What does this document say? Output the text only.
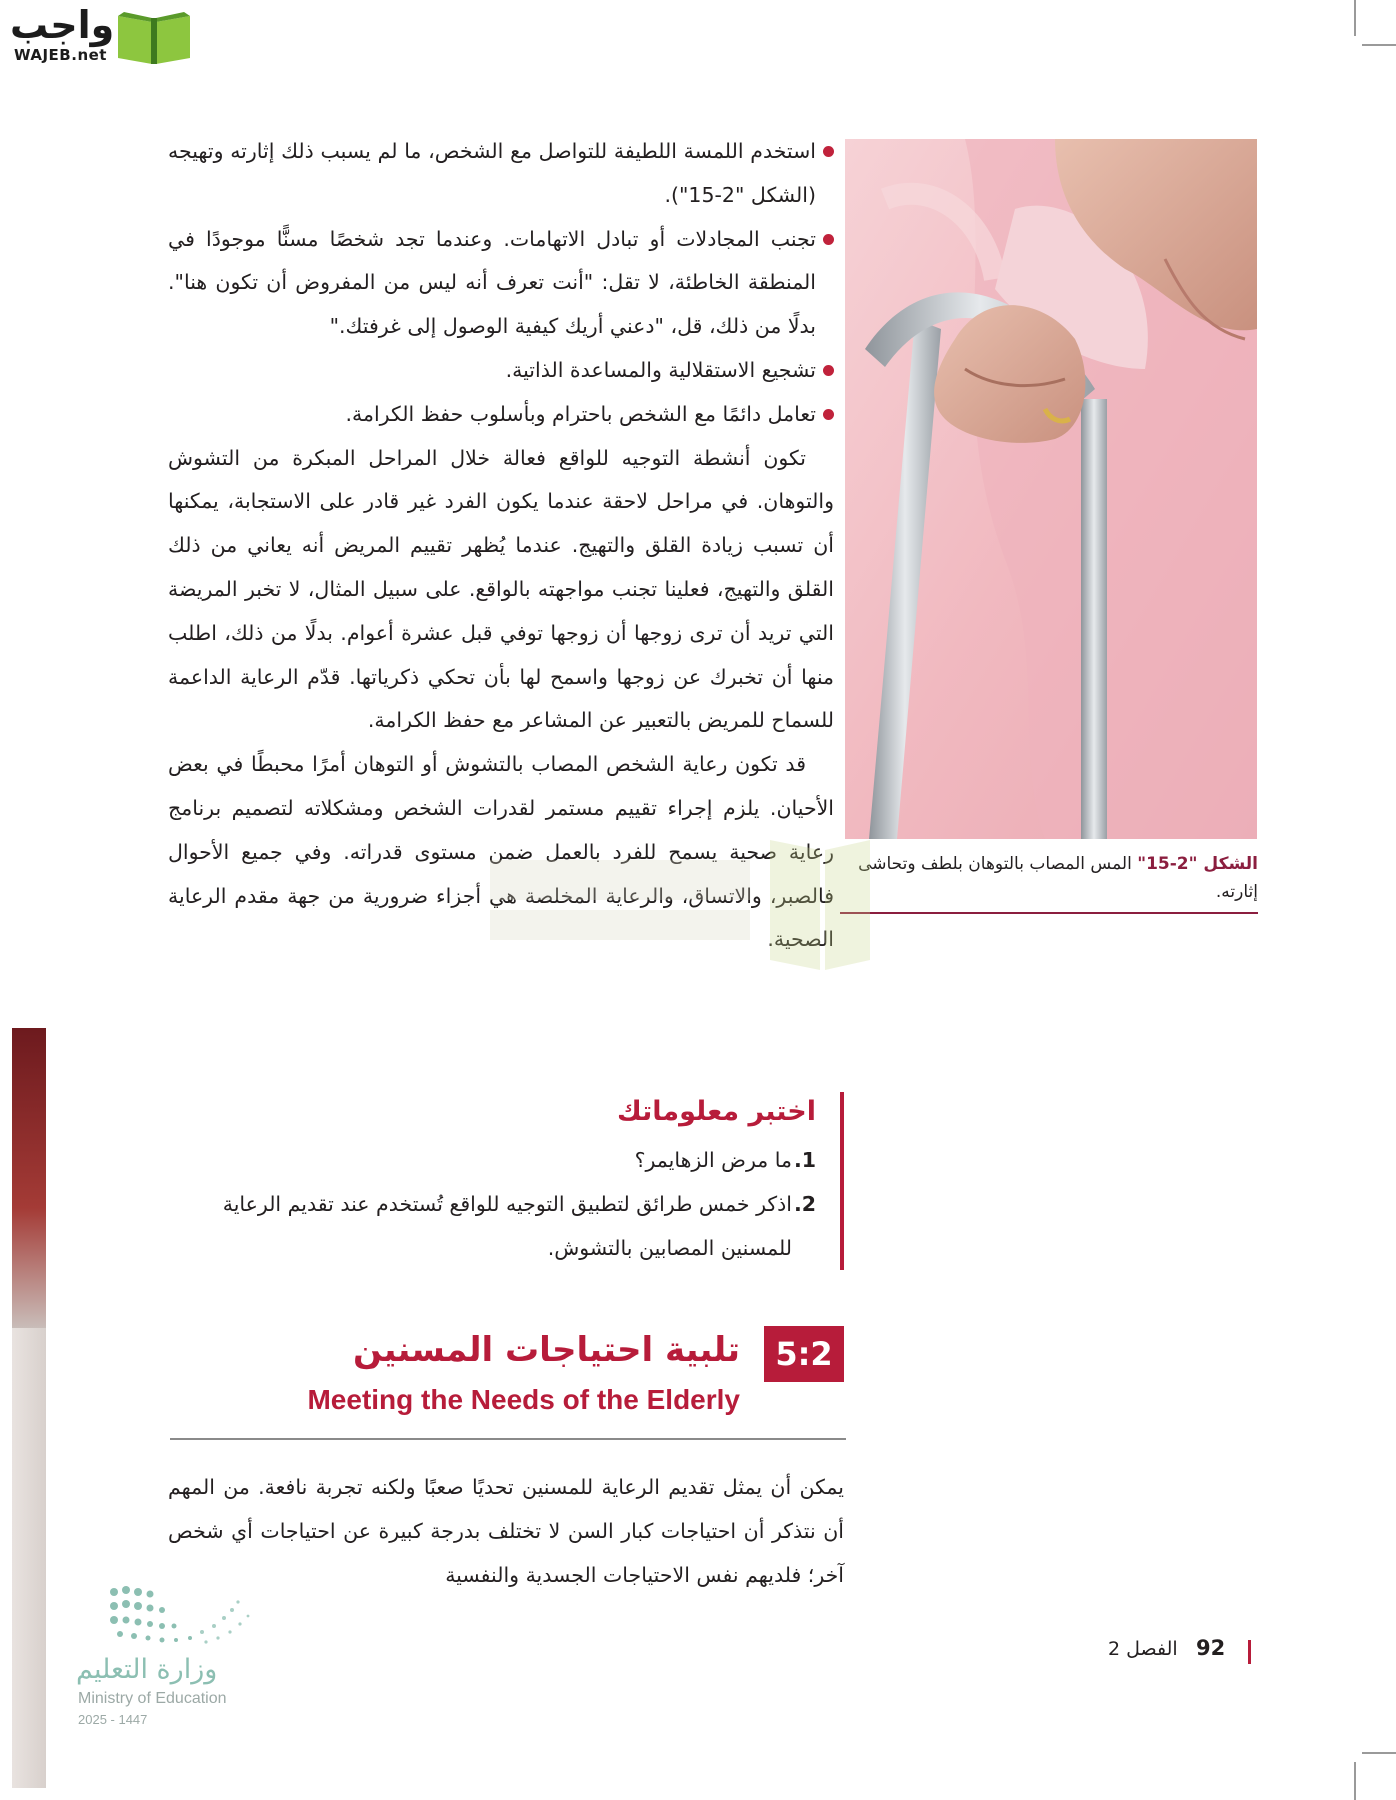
واجب
WAJEB.net
الشكل "2-15" المس المصاب بالتوهان بلطف وتحاشى إثارته.
استخدم اللمسة اللطيفة للتواصل مع الشخص، ما لم يسبب ذلك إثارته وتهيجه (الشكل "2-15").
تجنب المجادلات أو تبادل الاتهامات. وعندما تجد شخصًا مسنًّا موجودًا في المنطقة الخاطئة، لا تقل: "أنت تعرف أنه ليس من المفروض أن تكون هنا". بدلًا من ذلك، قل، "دعني أريك كيفية الوصول إلى غرفتك."
تشجيع الاستقلالية والمساعدة الذاتية.
تعامل دائمًا مع الشخص باحترام وبأسلوب حفظ الكرامة.

تكون أنشطة التوجيه للواقع فعالة خلال المراحل المبكرة من التشوش والتوهان. في مراحل لاحقة عندما يكون الفرد غير قادر على الاستجابة، يمكنها أن تسبب زيادة القلق والتهيج. عندما يُظهر تقييم المريض أنه يعاني من ذلك القلق والتهيج، فعلينا تجنب مواجهته بالواقع. على سبيل المثال، لا تخبر المريضة التي تريد أن ترى زوجها أن زوجها توفي قبل عشرة أعوام. بدلًا من ذلك، اطلب منها أن تخبرك عن زوجها واسمح لها بأن تحكي ذكرياتها. قدّم الرعاية الداعمة للسماح للمريض بالتعبير عن المشاعر مع حفظ الكرامة.

قد تكون رعاية الشخص المصاب بالتشوش أو التوهان أمرًا محبطًا في بعض الأحيان. يلزم إجراء تقييم مستمر لقدرات الشخص ومشكلاته لتصميم برنامج رعاية صحية يسمح للفرد بالعمل ضمن مستوى قدراته. وفي جميع الأحوال فالصبر، والاتساق، والرعاية المخلصة هي أجزاء ضرورية من جهة مقدم الرعاية الصحية.

اختبر معلوماتك
1.
ما مرض الزهايمر؟
2.
اذكر خمس طرائق لتطبيق التوجيه للواقع تُستخدم عند تقديم الرعاية للمسنين المصابين بالتشوش.
5:2
تلبية احتياجات المسنين
Meeting the Needs of the Elderly
يمكن أن يمثل تقديم الرعاية للمسنين تحديًا صعبًا ولكنه تجربة نافعة. من المهم أن نتذكر أن احتياجات كبار السن لا تختلف بدرجة كبيرة عن احتياجات أي شخص آخر؛ فلديهم نفس الاحتياجات الجسدية والنفسية
وزارة التعليم
Ministry of Education
2025 - 1447
92
الفصل 2
